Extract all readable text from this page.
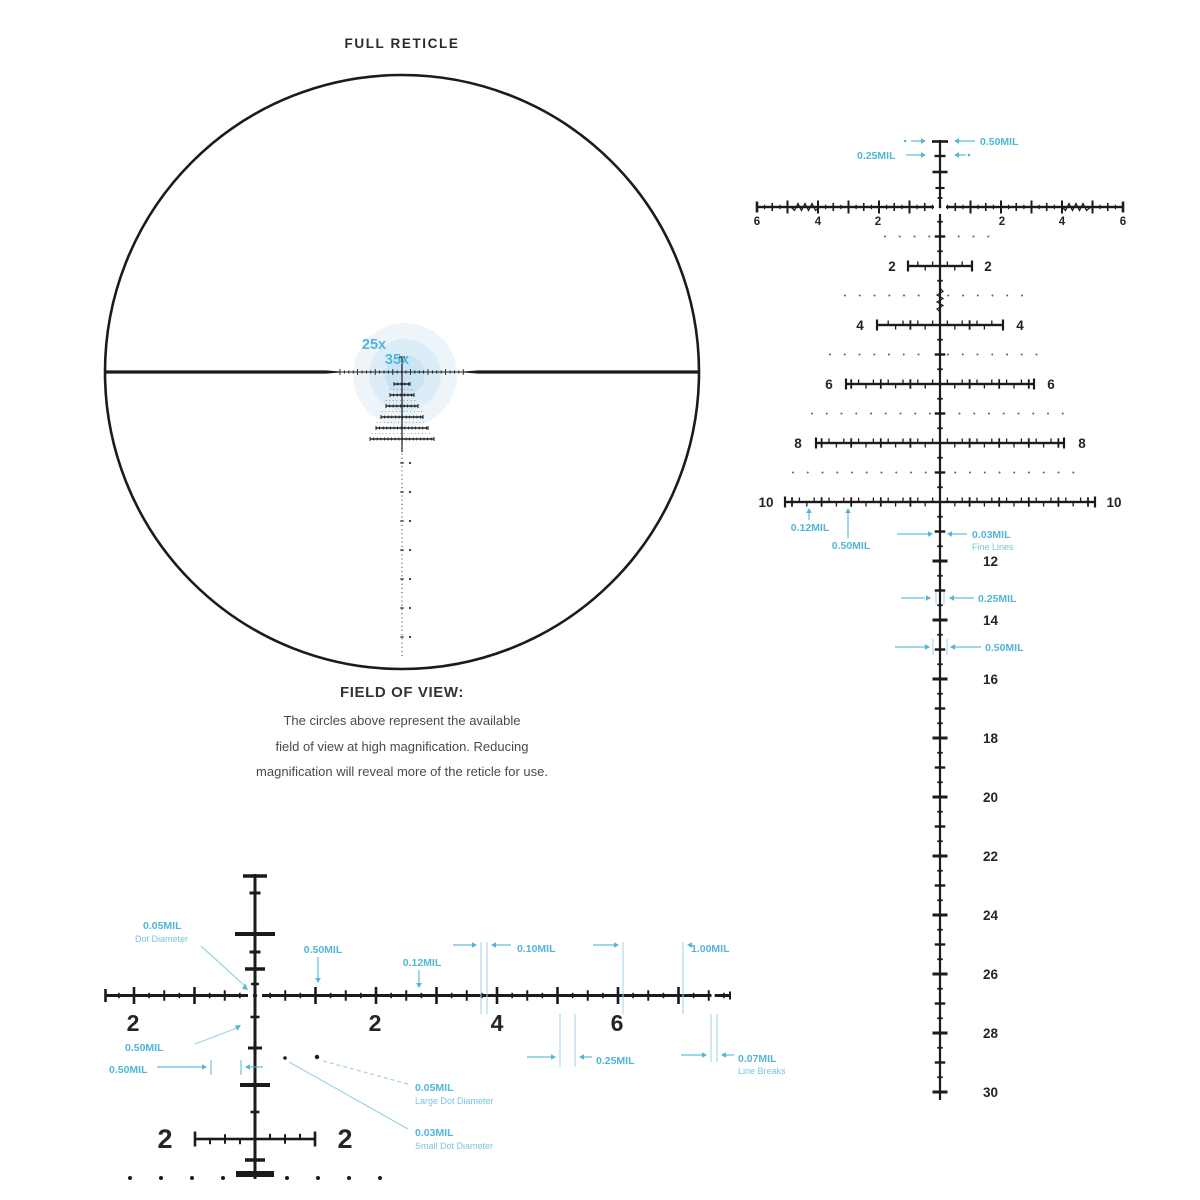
FULL RETICLE
25x
35x
FIELD OF VIEW:

The circles above represent the available

field of view at high magnification. Reducing

magnification will reveal more of the reticle for use.

0.50MIL
0.25MIL
6	4	2	2	4	6
2	2
4	4
6	6
8	8
10	10
0.12MIL
0.50MIL
0.03MIL
Fine Lines
0.25MIL
0.50MIL
12
14
16
18
20
22
24
26
28
30
0.05MIL
Dot Diameter
0.50MIL
0.12MIL
0.10MIL	1.00MIL
0.25MIL	0.07MIL
Line Breaks
0.50MIL
0.50MIL
0.05MIL
Large Dot Diameter
0.03MIL
Small Dot Diameter
2	2	4	6
2	2
